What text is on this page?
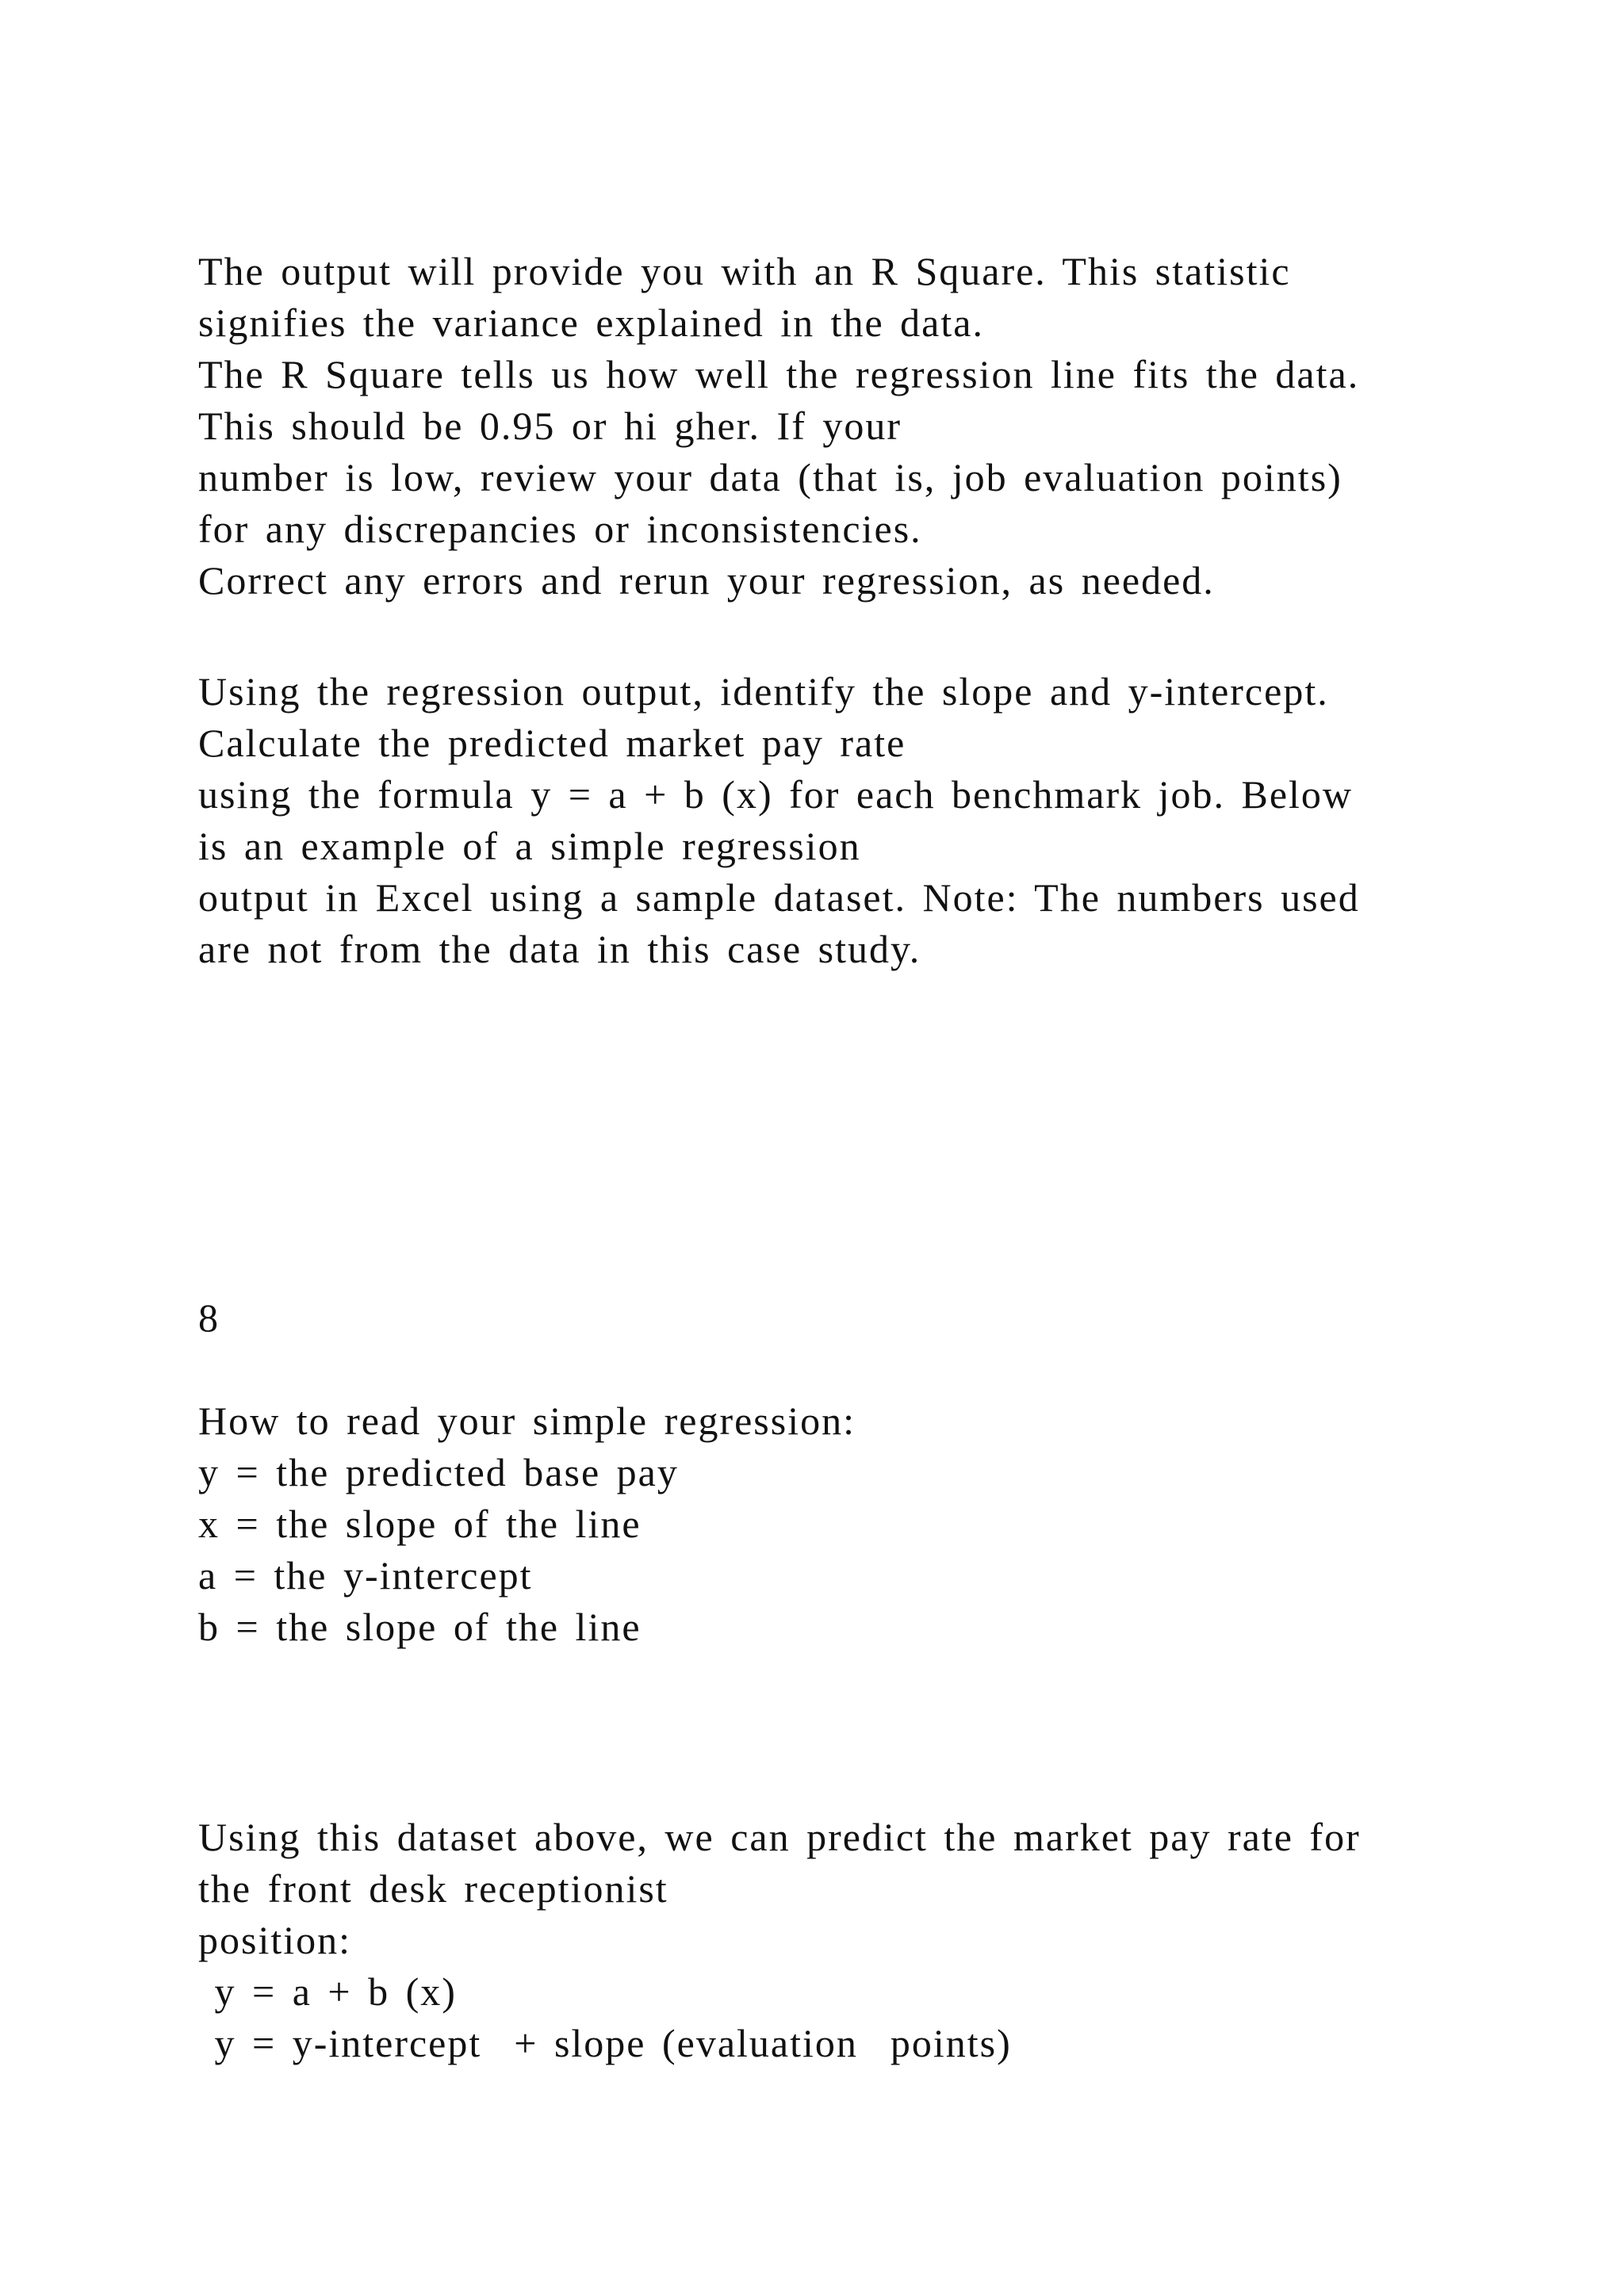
The output will provide you with an R Square. This statistic
signifies the variance explained in the data.
The R Square tells us how well the regression line fits the data.
This should be 0.95 or hi gher. If your
number is low, review your data (that is, job evaluation points)
for any discrepancies or inconsistencies.
Correct any errors and rerun your regression, as needed.
Using the regression output, identify the slope and y-intercept.
Calculate the predicted market pay rate
using the formula y = a + b (x) for each benchmark job. Below
is an example of a simple regression
output in Excel using a sample dataset. Note: The numbers used
are not from the data in this case study.
8
How to read your simple regression:
y = the predicted base pay
x = the slope of the line
a = the y-intercept
b = the slope of the line
Using this dataset above, we can predict the market pay rate for
the front desk receptionist
position:
y = a + b (x)
y = y-intercept  + slope (evaluation  points)
